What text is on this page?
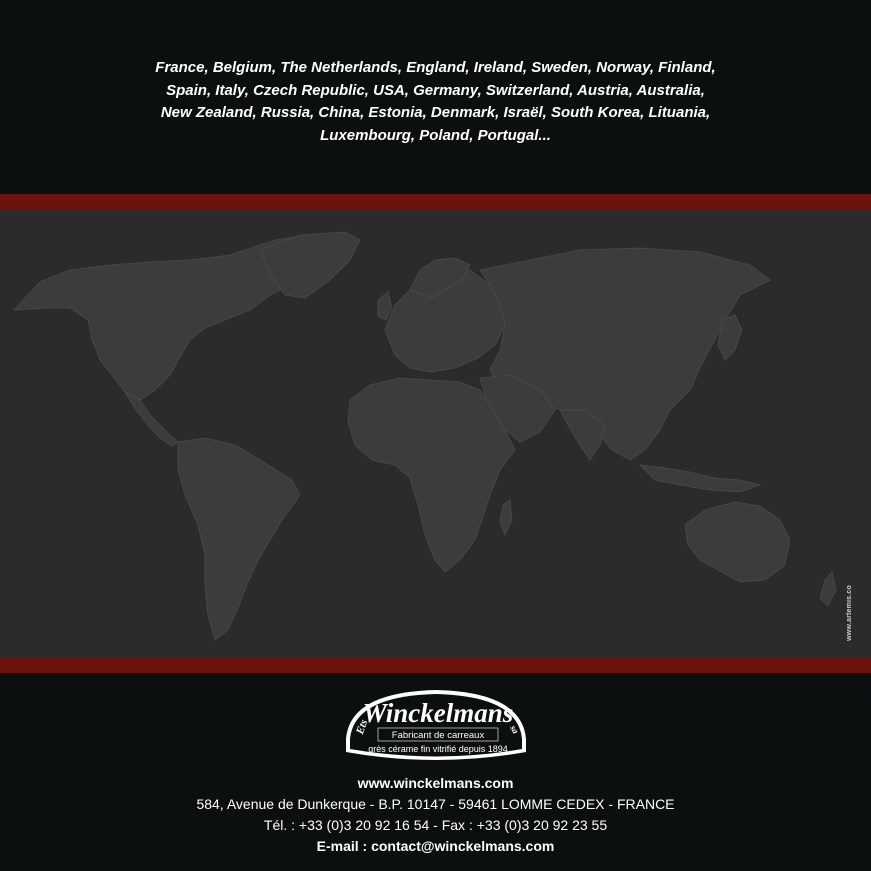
France, Belgium, The Netherlands, England, Ireland, Sweden, Norway, Finland,
Spain, Italy, Czech Republic, USA, Germany, Switzerland, Austria, Australia,
New Zealand, Russia, China, Estonia, Denmark, Israël, South Korea, Lituania,
Luxembourg, Poland, Portugal...
www.artemis.co
Winckelmans
Ets	sa
Fabricant de carreaux
grès cérame fin vitrifié depuis 1894
www.winckelmans.com
584, Avenue de Dunkerque - B.P. 10147 - 59461 LOMME CEDEX - FRANCE
Tél. : +33 (0)3 20 92 16 54 - Fax : +33 (0)3 20 92 23 55
E-mail : contact@winckelmans.com
